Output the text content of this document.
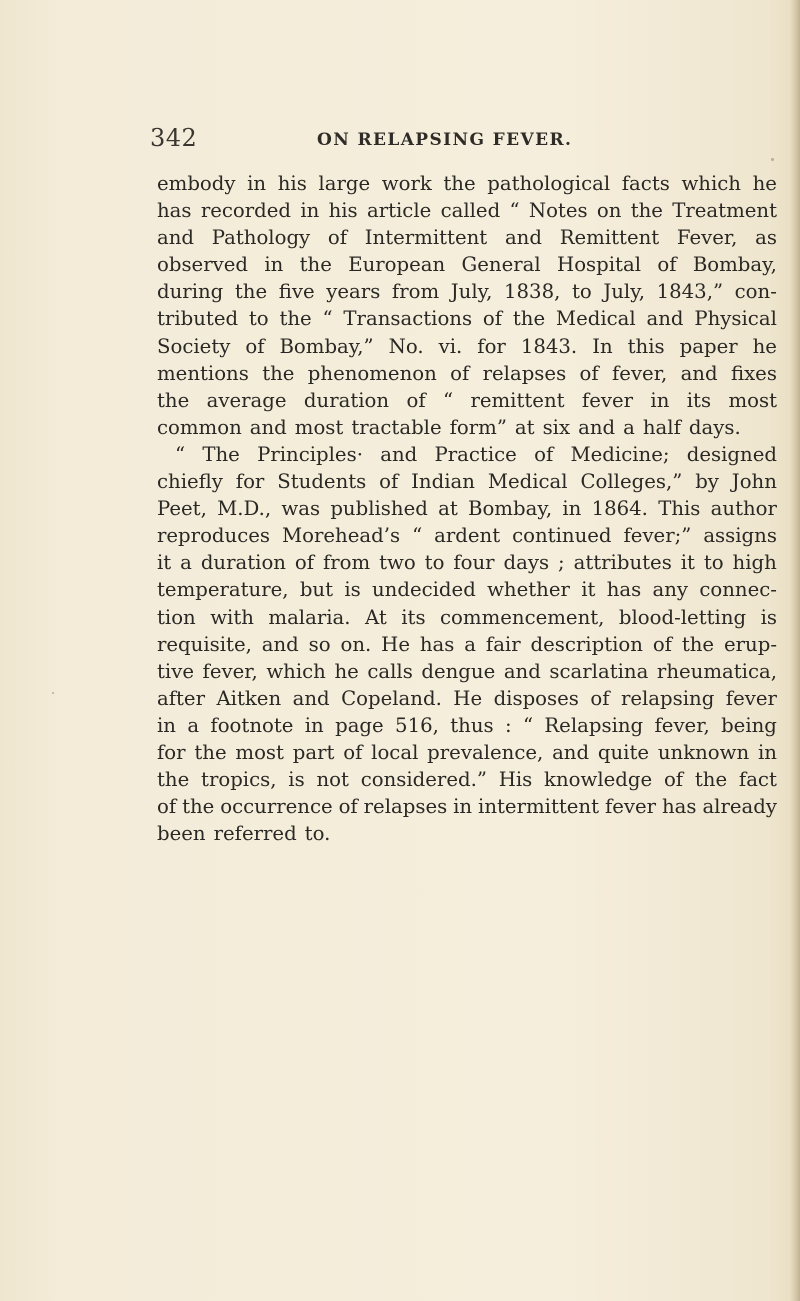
342	ON RELAPSING FEVER.
embody in his large work the pathological facts which he
has recorded in his article called “ Notes on the Treatment
and Pathology of Intermittent and Remittent Fever, as
observed in the European General Hospital of Bombay,
during the five years from July, 1838, to July, 1843,” con-
tributed to the “ Transactions of the Medical and Physical
Society of Bombay,” No. vi. for 1843. In this paper he
mentions the phenomenon of relapses of fever, and fixes
the average duration of “ remittent fever in its most
common and most tractable form” at six and a half days.
“ The Principles· and Practice of Medicine; designed
chiefly for Students of Indian Medical Colleges,” by John
Peet, M.D., was published at Bombay, in 1864. This author
reproduces Morehead’s “ ardent continued fever;” assigns
it a duration of from two to four days ; attributes it to high
temperature, but is undecided whether it has any connec-
tion with malaria. At its commencement, blood-letting is
requisite, and so on. He has a fair description of the erup-
tive fever, which he calls dengue and scarlatina rheumatica,
after Aitken and Copeland. He disposes of relapsing fever
in a footnote in page 516, thus : “ Relapsing fever, being
for the most part of local prevalence, and quite unknown in
the tropics, is not considered.” His knowledge of the fact
of the occurrence of relapses in intermittent fever has already
been referred to.
